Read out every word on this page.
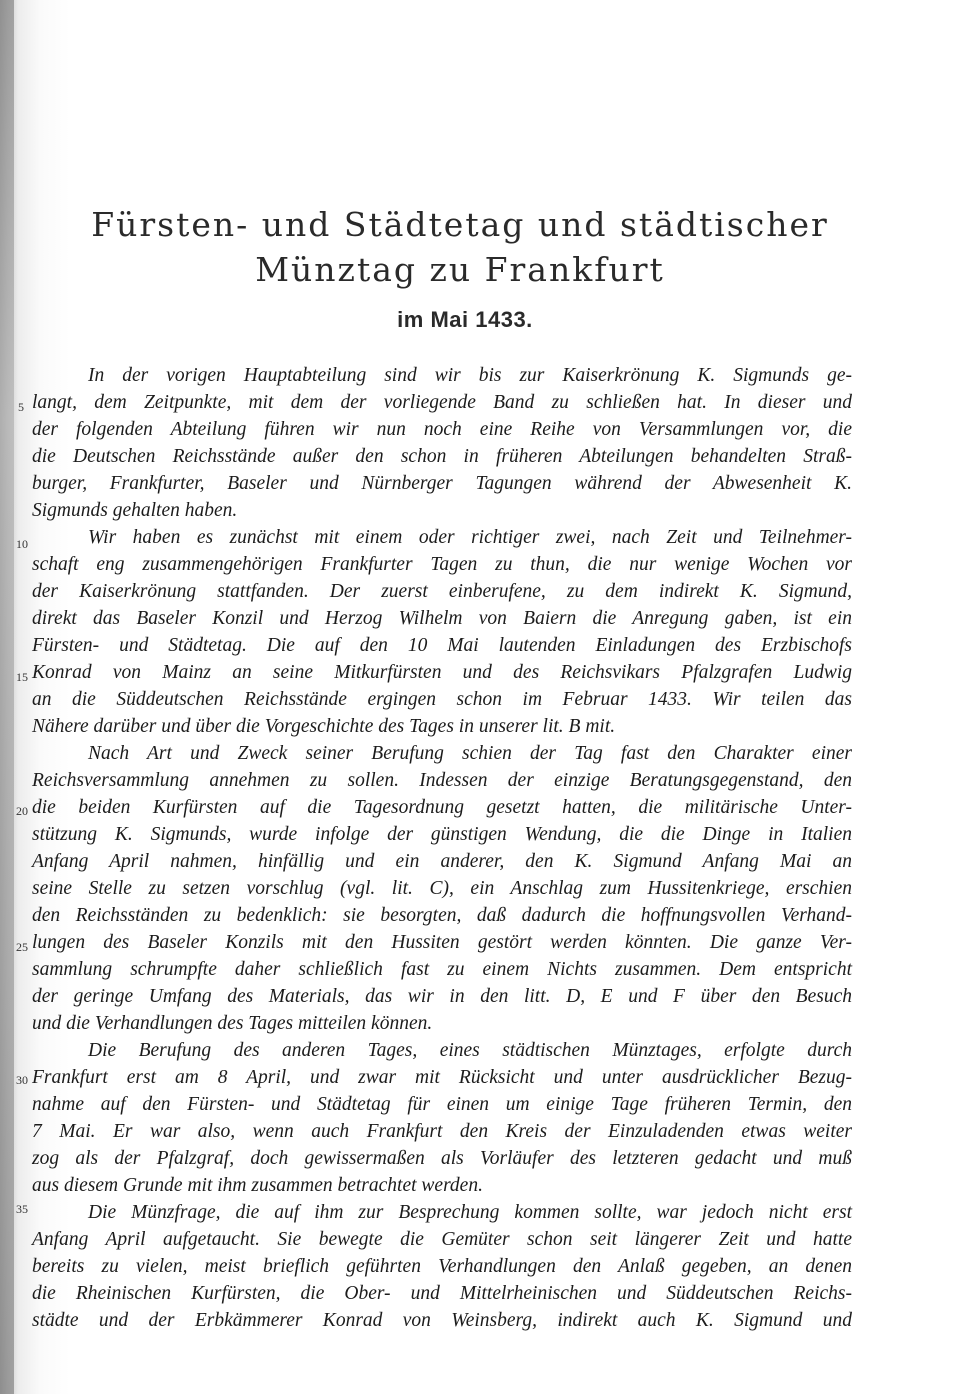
Fürsten- und Städtetag und städtischer
Münztag zu Frankfurt
im Mai 1433.
In der vorigen Hauptabteilung sind wir bis zur Kaiserkrönung K. Sigmunds ge-
langt, dem Zeitpunkte, mit dem der vorliegende Band zu schließen hat. In dieser und
der folgenden Abteilung führen wir nun noch eine Reihe von Versammlungen vor, die
die Deutschen Reichsstände außer den schon in früheren Abteilungen behandelten Straß-
burger, Frankfurter, Baseler und Nürnberger Tagungen während der Abwesenheit K.
Sigmunds gehalten haben.
Wir haben es zunächst mit einem oder richtiger zwei, nach Zeit und Teilnehmer-
schaft eng zusammengehörigen Frankfurter Tagen zu thun, die nur wenige Wochen vor
der Kaiserkrönung stattfanden. Der zuerst einberufene, zu dem indirekt K. Sigmund,
direkt das Baseler Konzil und Herzog Wilhelm von Baiern die Anregung gaben, ist ein
Fürsten- und Städtetag. Die auf den 10 Mai lautenden Einladungen des Erzbischofs
Konrad von Mainz an seine Mitkurfürsten und des Reichsvikars Pfalzgrafen Ludwig
an die Süddeutschen Reichsstände ergingen schon im Februar 1433. Wir teilen das
Nähere darüber und über die Vorgeschichte des Tages in unserer lit. B mit.
Nach Art und Zweck seiner Berufung schien der Tag fast den Charakter einer
Reichsversammlung annehmen zu sollen. Indessen der einzige Beratungsgegenstand, den
die beiden Kurfürsten auf die Tagesordnung gesetzt hatten, die militärische Unter-
stützung K. Sigmunds, wurde infolge der günstigen Wendung, die die Dinge in Italien
Anfang April nahmen, hinfällig und ein anderer, den K. Sigmund Anfang Mai an
seine Stelle zu setzen vorschlug (vgl. lit. C), ein Anschlag zum Hussitenkriege, erschien
den Reichsständen zu bedenklich: sie besorgten, daß dadurch die hoffnungsvollen Verhand-
lungen des Baseler Konzils mit den Hussiten gestört werden könnten. Die ganze Ver-
sammlung schrumpfte daher schließlich fast zu einem Nichts zusammen. Dem entspricht
der geringe Umfang des Materials, das wir in den litt. D, E und F über den Besuch
und die Verhandlungen des Tages mitteilen können.
Die Berufung des anderen Tages, eines städtischen Münztages, erfolgte durch
Frankfurt erst am 8 April, und zwar mit Rücksicht und unter ausdrücklicher Bezug-
nahme auf den Fürsten- und Städtetag für einen um einige Tage früheren Termin, den
7 Mai. Er war also, wenn auch Frankfurt den Kreis der Einzuladenden etwas weiter
zog als der Pfalzgraf, doch gewissermaßen als Vorläufer des letzteren gedacht und muß
aus diesem Grunde mit ihm zusammen betrachtet werden.
Die Münzfrage, die auf ihm zur Besprechung kommen sollte, war jedoch nicht erst
Anfang April aufgetaucht. Sie bewegte die Gemüter schon seit längerer Zeit und hatte
bereits zu vielen, meist brieflich geführten Verhandlungen den Anlaß gegeben, an denen
die Rheinischen Kurfürsten, die Ober- und Mittelrheinischen und Süddeutschen Reichs-
städte und der Erbkämmerer Konrad von Weinsberg, indirekt auch K. Sigmund und
5
10
15
20
25
30
35
